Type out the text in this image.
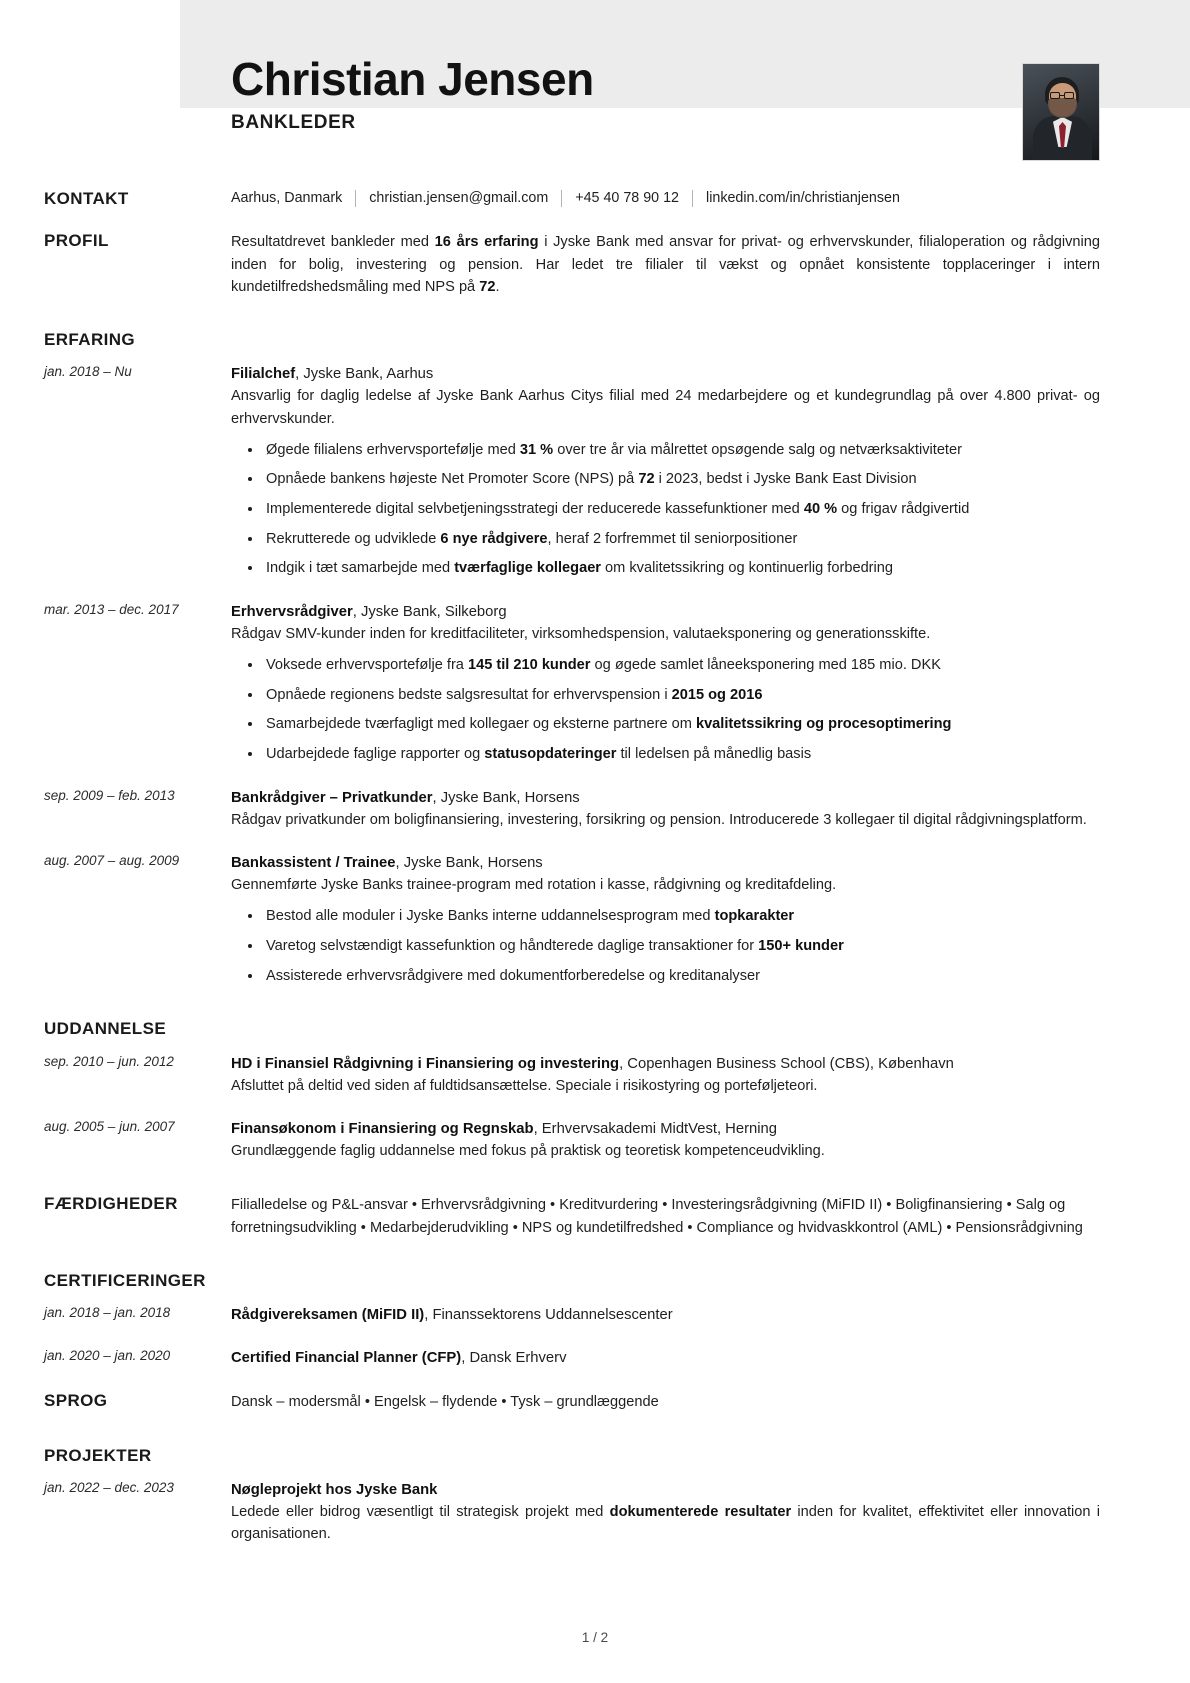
Christian Jensen
BANKLEDER
KONTAKT	Aarhus, Danmark christian.jensen@gmail.com +45 40 78 90 12 linkedin.com/in/christianjensen
PROFIL	Resultatdrevet bankleder med 16 års erfaring i Jyske Bank med ansvar for privat- og erhvervskunder, filialoperation og rådgivning inden for bolig, investering og pension. Har ledet tre filialer til vækst og opnået konsistente topplaceringer i intern kundetilfredshedsmåling med NPS på 72.
ERFARING
jan. 2018 – Nu	Filialchef, Jyske Bank, Aarhus
Ansvarlig for daglig ledelse af Jyske Bank Aarhus Citys filial med 24 medarbejdere og et kundegrundlag på over 4.800 privat- og erhvervskunder.
Øgede filialens erhvervsportefølje med 31 % over tre år via målrettet opsøgende salg og netværksaktiviteter
Opnåede bankens højeste Net Promoter Score (NPS) på 72 i 2023, bedst i Jyske Bank East Division
Implementerede digital selvbetjeningsstrategi der reducerede kassefunktioner med 40 % og frigav rådgivertid
Rekrutterede og udviklede 6 nye rådgivere, heraf 2 forfremmet til seniorpositioner
Indgik i tæt samarbejde med tværfaglige kollegaer om kvalitetssikring og kontinuerlig forbedring
mar. 2013 – dec. 2017	Erhvervsrådgiver, Jyske Bank, Silkeborg
Rådgav SMV-kunder inden for kreditfaciliteter, virksomhedspension, valutaeksponering og generationsskifte.
Voksede erhvervsportefølje fra 145 til 210 kunder og øgede samlet låneeksponering med 185 mio. DKK
Opnåede regionens bedste salgsresultat for erhvervspension i 2015 og 2016
Samarbejdede tværfagligt med kollegaer og eksterne partnere om kvalitetssikring og procesoptimering
Udarbejdede faglige rapporter og statusopdateringer til ledelsen på månedlig basis
sep. 2009 – feb. 2013	Bankrådgiver – Privatkunder, Jyske Bank, Horsens
Rådgav privatkunder om boligfinansiering, investering, forsikring og pension. Introducerede 3 kollegaer til digital rådgivningsplatform.
aug. 2007 – aug. 2009	Bankassistent / Trainee, Jyske Bank, Horsens
Gennemførte Jyske Banks trainee-program med rotation i kasse, rådgivning og kreditafdeling.
Bestod alle moduler i Jyske Banks interne uddannelsesprogram med topkarakter
Varetog selvstændigt kassefunktion og håndterede daglige transaktioner for 150+ kunder
Assisterede erhvervsrådgivere med dokumentforberedelse og kreditanalyser
UDDANNELSE
sep. 2010 – jun. 2012	HD i Finansiel Rådgivning i Finansiering og investering, Copenhagen Business School (CBS), København
Afsluttet på deltid ved siden af fuldtidsansættelse. Speciale i risikostyring og porteføljeteori.
aug. 2005 – jun. 2007	Finansøkonom i Finansiering og Regnskab, Erhvervsakademi MidtVest, Herning
Grundlæggende faglig uddannelse med fokus på praktisk og teoretisk kompetenceudvikling.
FÆRDIGHEDER	Filialledelse og P&L-ansvar • Erhvervsrådgivning • Kreditvurdering • Investeringsrådgivning (MiFID II) • Boligfinansiering • Salg og forretningsudvikling • Medarbejderudvikling • NPS og kundetilfredshed • Compliance og hvidvaskkontrol (AML) • Pensionsrådgivning
CERTIFICERINGER
jan. 2018 – jan. 2018	Rådgivereksamen (MiFID II), Finanssektorens Uddannelsescenter
jan. 2020 – jan. 2020	Certified Financial Planner (CFP), Dansk Erhverv
SPROG	Dansk – modersmål • Engelsk – flydende • Tysk – grundlæggende
PROJEKTER
jan. 2022 – dec. 2023	Nøgleprojekt hos Jyske Bank
Ledede eller bidrog væsentligt til strategisk projekt med dokumenterede resultater inden for kvalitet, effektivitet eller innovation i organisationen.
1 / 2
